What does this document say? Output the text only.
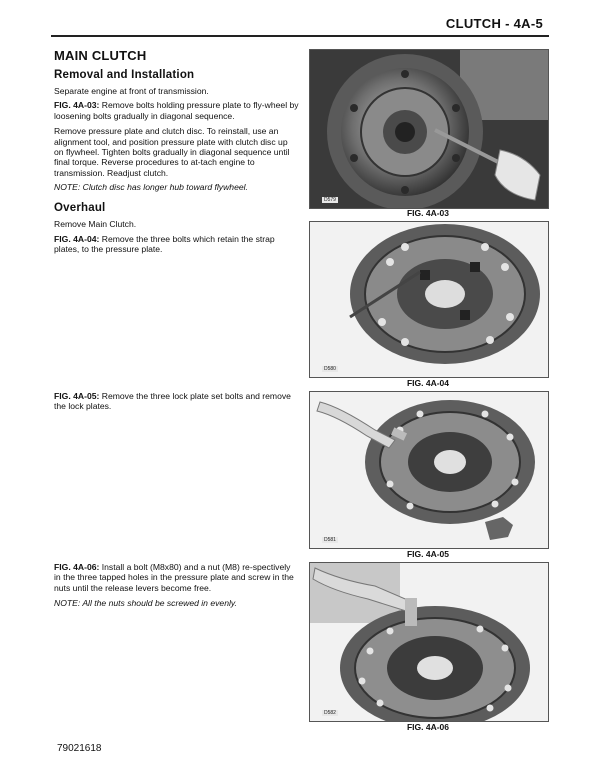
CLUTCH - 4A-5
MAIN CLUTCH
Removal and Installation

Separate engine at front of transmission.

FIG. 4A-03: Remove bolts holding pressure plate to fly-wheel by loosening bolts gradually in diagonal sequence.

Remove pressure plate and clutch disc. To reinstall, use an alignment tool, and position pressure plate with clutch disc up on flywheel. Tighten bolts gradually in diagonal sequence until final torque. Reverse procedures to at-tach engine to transmission. Readjust clutch.

NOTE: Clutch disc has longer hub toward flywheel.

Overhaul

Remove Main Clutch.

FIG. 4A-04: Remove the three bolts which retain the strap plates, to the pressure plate.

FIG. 4A-05: Remove the three lock plate set bolts and remove the lock plates.

FIG. 4A-06: Install a bolt (M8x80) and a nut (M8) re-spectively in the three tapped holes in the pressure plate and screw in the nuts until the release levers become free.

NOTE: All the nuts should be screwed in evenly.

D579
FIG. 4A-03
D580
FIG. 4A-04
D581
FIG. 4A-05
D582
FIG. 4A-06
79021618
